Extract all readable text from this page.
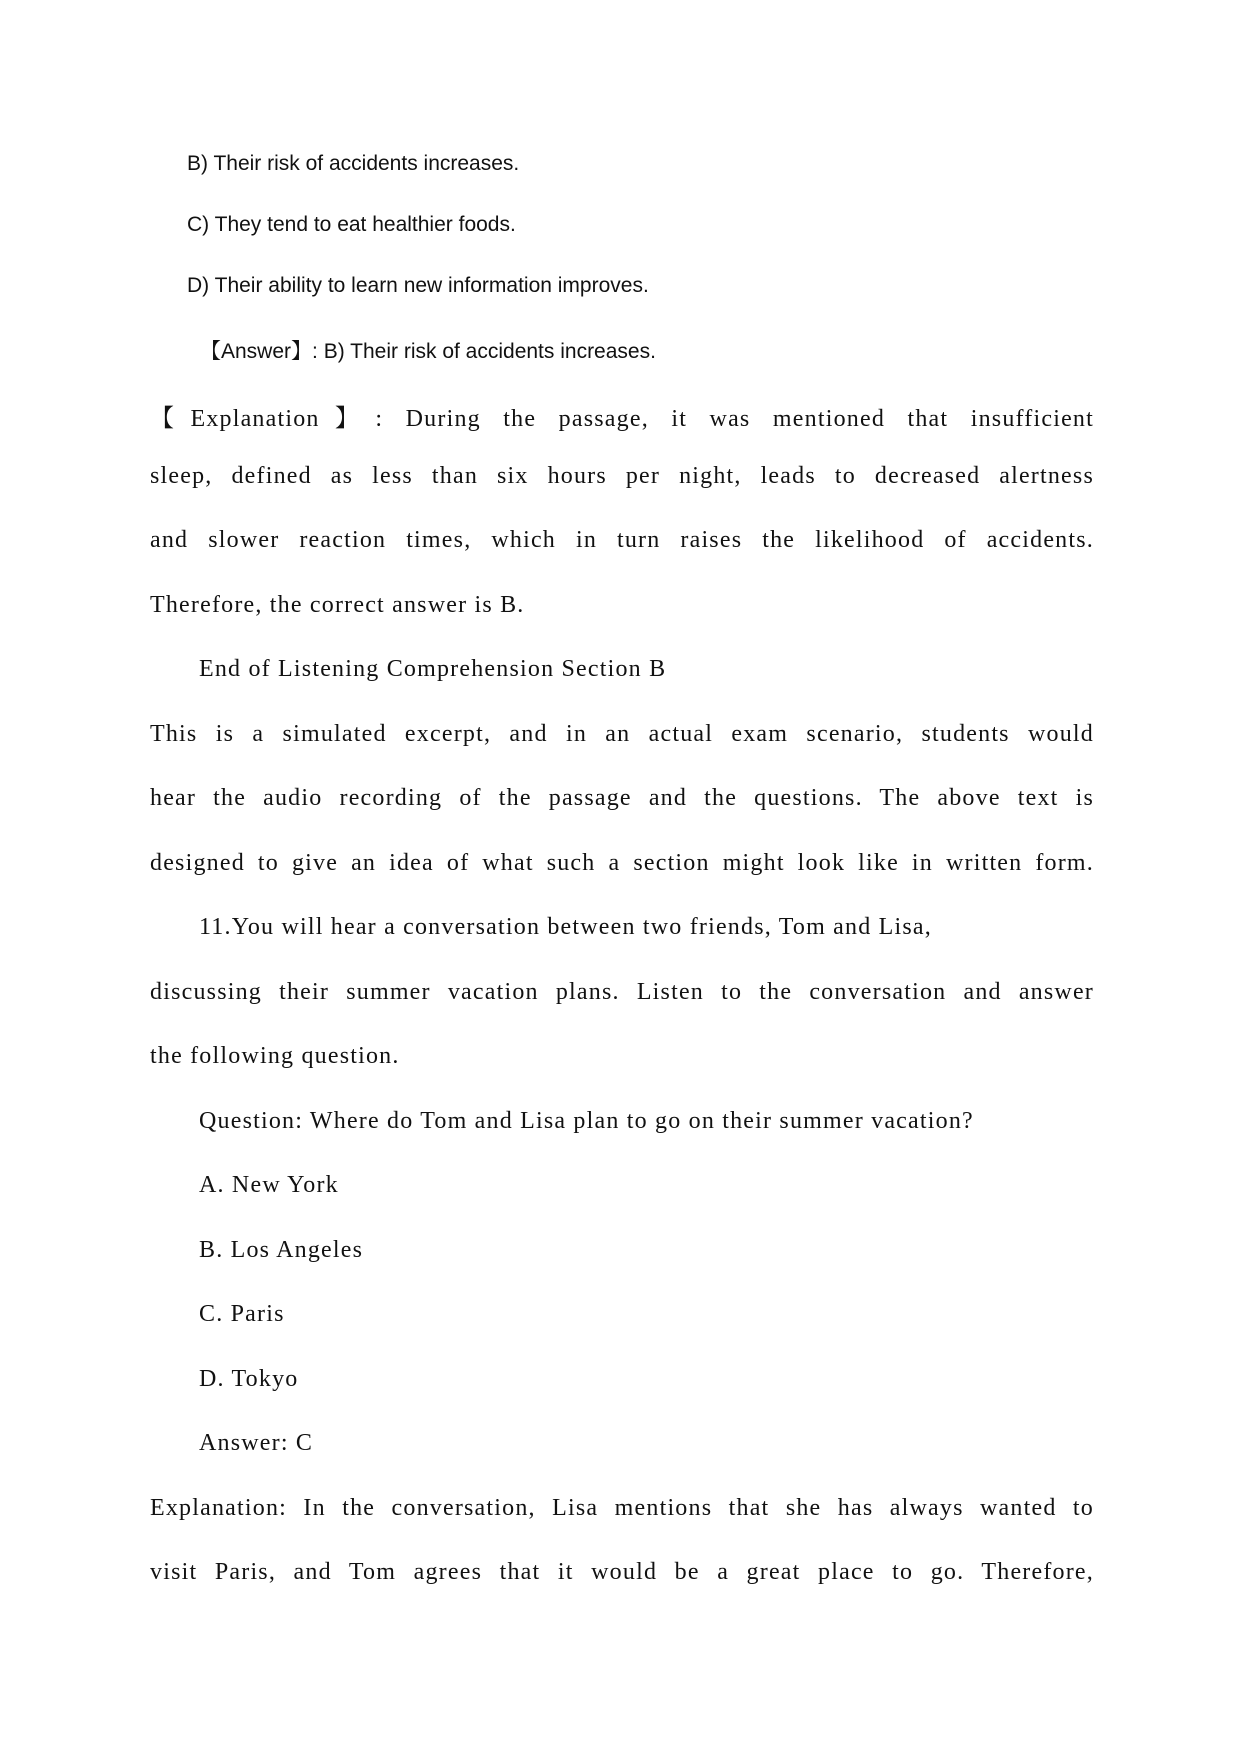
B) Their risk of accidents increases.
C) They tend to eat healthier foods.
D) Their ability to learn new information improves.
【Answer】: B) Their risk of accidents increases.
【Explanation】: During the passage, it was mentioned that insufficient
sleep, defined as less than six hours per night, leads to decreased alertness
and slower reaction times, which in turn raises the likelihood of accidents.
Therefore, the correct answer is B.
End of Listening Comprehension Section B
This is a simulated excerpt, and in an actual exam scenario, students would
hear the audio recording of the passage and the questions. The above text is
designed to give an idea of what such a section might look like in written form.
11.You will hear a conversation between two friends, Tom and Lisa,
discussing their summer vacation plans. Listen to the conversation and answer
the following question.
Question: Where do Tom and Lisa plan to go on their summer vacation?
A. New York
B. Los Angeles
C. Paris
D. Tokyo
Answer: C
Explanation: In the conversation, Lisa mentions that she has always wanted to
visit Paris, and Tom agrees that it would be a great place to go. Therefore,
